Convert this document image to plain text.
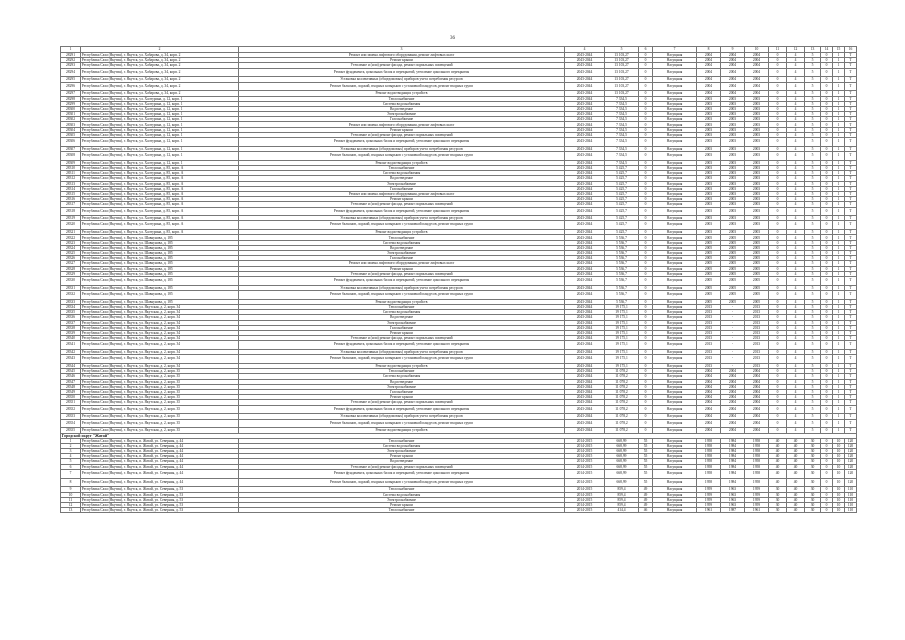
36
1	2	3	4	5	6	7	8	9	10	11	12	13	14	15	16
28291	Республика Саха (Якутия), г. Якутск, ул. Хабарова, д. 34, корп. 2	Ремонт или замена лифтового оборудования, ремонт лифтовых шахт	2043-2044	13 103,27	0	Насущная	2004	2004	2004	0	4	5	0	1	Т
28292	Республика Саха (Якутия), г. Якутск, ул. Хабарова, д. 34, корп. 2	Ремонт крыши	2043-2044	13 103,27	0	Насущная	2004	2004	2004	0	4	5	0	1	Т
28293	Республика Саха (Якутия), г. Якутск, ул. Хабарова, д. 34, корп. 2	Утепление и (или) ремонт фасада, ремонт подвальных помещений	2043-2044	13 103,27	0	Насущная	2004	2004	2004	0	4	5	0	1	Т
28294	Республика Саха (Якутия), г. Якутск, ул. Хабарова, д. 34, корп. 2	Ремонт фундамента, цокольных балок и перекрытий, утепление цокольного перекрытия	2043-2044	13 103,27	0	Насущная	2004	2004	2004	0	4	5	0	1	Т
28295	Республика Саха (Якутия), г. Якутск, ул. Хабарова, д. 34, корп. 2	Установка коллективных (общедомовых) приборов учета потребления ресурсов	2043-2044	13 103,27	0	Насущная	2004	2004	2004	0	4	5	0	1	Т
28296	Республика Саха (Якутия), г. Якутск, ул. Хабарова, д. 34, корп. 2	Ремонт балконов, лоджий, входных козырьков с установкой пандусов, ремонт входных групп	2043-2044	13 103,27	0	Насущная	2004	2004	2004	0	4	5	0	1	Т
28297	Республика Саха (Якутия), г. Якутск, ул. Хабарова, д. 34, корп. 2	Ремонт водоотводящих устройств	2043-2044	13 103,27	0	Насущная	2004	2004	2004	0	4	5	0	1	Т
28298	Республика Саха (Якутия), г. Якутск, ул. Халтурина, д. 12, корп. 1	Теплоснабжение	2043-2044	7 334,5	0	Насущная	2003	2003	2003	0	4	5	0	1	Т
28299	Республика Саха (Якутия), г. Якутск, ул. Халтурина, д. 12, корп. 1	Система водоснабжения	2043-2044	7 334,5	0	Насущная	2003	2003	2003	0	4	5	0	1	Т
28300	Республика Саха (Якутия), г. Якутск, ул. Халтурина, д. 12, корп. 1	Водоотведение	2043-2044	7 334,5	0	Насущная	2003	2003	2003	0	4	5	0	1	Т
28301	Республика Саха (Якутия), г. Якутск, ул. Халтурина, д. 12, корп. 1	Электроснабжение	2043-2044	7 334,5	0	Насущная	2003	2003	2003	0	4	5	0	1	Т
28302	Республика Саха (Якутия), г. Якутск, ул. Халтурина, д. 12, корп. 1	Газоснабжение	2043-2044	7 334,5	0	Насущная	2003	2003	2003	0	4	5	0	1	Т
28303	Республика Саха (Якутия), г. Якутск, ул. Халтурина, д. 12, корп. 1	Ремонт или замена лифтового оборудования, ремонт лифтовых шахт	2043-2044	7 334,5	0	Насущная	2003	2003	2003	0	4	5	0	1	Т
28304	Республика Саха (Якутия), г. Якутск, ул. Халтурина, д. 12, корп. 1	Ремонт крыши	2043-2044	7 334,5	0	Насущная	2003	2003	2003	0	4	5	0	1	Т
28305	Республика Саха (Якутия), г. Якутск, ул. Халтурина, д. 12, корп. 1	Утепление и (или) ремонт фасада, ремонт подвальных помещений	2043-2044	7 334,5	0	Насущная	2003	2003	2003	0	4	5	0	1	Т
28306	Республика Саха (Якутия), г. Якутск, ул. Халтурина, д. 12, корп. 1	Ремонт фундамента, цокольных балок и перекрытий, утепление цокольного перекрытия	2043-2044	7 334,5	0	Насущная	2003	2003	2003	0	4	5	0	1	Т
28307	Республика Саха (Якутия), г. Якутск, ул. Халтурина, д. 12, корп. 1	Установка коллективных (общедомовых) приборов учета потребления ресурсов	2043-2044	7 334,5	0	Насущная	2003	2003	2003	0	4	5	0	1	Т
28308	Республика Саха (Якутия), г. Якутск, ул. Халтурина, д. 12, корп. 1	Ремонт балконов, лоджий, входных козырьков с установкой пандусов, ремонт входных групп	2043-2044	7 334,5	0	Насущная	2003	2003	2003	0	4	5	0	1	Т
28309	Республика Саха (Якутия), г. Якутск, ул. Халтурина, д. 12, корп. 1	Ремонт водоотводящих устройств	2043-2044	7 334,5	0	Насущная	2003	2003	2003	0	4	5	0	1	Т
28310	Республика Саха (Якутия), г. Якутск, ул. Халтурина, д. 85, корп. А	Теплоснабжение	2043-2044	5 425,7	0	Насущная	2003	2003	2003	0	4	5	0	1	Т
28311	Республика Саха (Якутия), г. Якутск, ул. Халтурина, д. 85, корп. А	Система водоснабжения	2043-2044	5 425,7	0	Насущная	2003	2003	2003	0	4	5	0	1	Т
28312	Республика Саха (Якутия), г. Якутск, ул. Халтурина, д. 85, корп. А	Водоотведение	2043-2044	5 425,7	0	Насущная	2003	2003	2003	0	4	5	0	1	Т
28313	Республика Саха (Якутия), г. Якутск, ул. Халтурина, д. 85, корп. А	Электроснабжение	2043-2044	5 425,7	0	Насущная	2003	2003	2003	0	4	5	0	1	Т
28314	Республика Саха (Якутия), г. Якутск, ул. Халтурина, д. 85, корп. А	Газоснабжение	2043-2044	5 425,7	0	Насущная	2003	2003	2003	0	4	5	0	1	Т
28315	Республика Саха (Якутия), г. Якутск, ул. Халтурина, д. 85, корп. А	Ремонт или замена лифтового оборудования, ремонт лифтовых шахт	2043-2044	5 425,7	0	Насущная	2003	2003	2003	0	4	5	0	1	Т
28316	Республика Саха (Якутия), г. Якутск, ул. Халтурина, д. 85, корп. А	Ремонт крыши	2043-2044	5 425,7	0	Насущная	2003	2003	2003	0	4	5	0	1	Т
28317	Республика Саха (Якутия), г. Якутск, ул. Халтурина, д. 85, корп. А	Утепление и (или) ремонт фасада, ремонт подвальных помещений	2043-2044	5 425,7	0	Насущная	2003	2003	2003	0	4	5	0	1	Т
28318	Республика Саха (Якутия), г. Якутск, ул. Халтурина, д. 85, корп. А	Ремонт фундамента, цокольных балок и перекрытий, утепление цокольного перекрытия	2043-2044	5 425,7	0	Насущная	2003	2003	2003	0	4	5	0	1	Т
28319	Республика Саха (Якутия), г. Якутск, ул. Халтурина, д. 85, корп. А	Установка коллективных (общедомовых) приборов учета потребления ресурсов	2043-2044	5 425,7	0	Насущная	2003	2003	2003	0	4	5	0	1	Т
28320	Республика Саха (Якутия), г. Якутск, ул. Халтурина, д. 85, корп. А	Ремонт балконов, лоджий, входных козырьков с установкой пандусов, ремонт входных групп	2043-2044	5 425,7	0	Насущная	2003	2003	2003	0	4	5	0	1	Т
28321	Республика Саха (Якутия), г. Якутск, ул. Халтурина, д. 85, корп. А	Ремонт водоотводящих устройств	2043-2044	5 425,7	0	Насущная	2003	2003	2003	0	4	5	0	1	Т
28322	Республика Саха (Якутия), г. Якутск, ул. Шавкунова, д. 185	Теплоснабжение	2043-2044	5 536,7	0	Насущная	2005	2005	2005	0	4	5	0	1	Т
28323	Республика Саха (Якутия), г. Якутск, ул. Шавкунова, д. 185	Система водоснабжения	2043-2044	5 536,7	0	Насущная	2005	2005	2005	0	4	5	0	1	Т
28324	Республика Саха (Якутия), г. Якутск, ул. Шавкунова, д. 185	Водоотведение	2043-2044	5 536,7	0	Насущная	2005	2005	2005	0	4	5	0	1	Т
28325	Республика Саха (Якутия), г. Якутск, ул. Шавкунова, д. 185	Электроснабжение	2043-2044	5 536,7	0	Насущная	2005	2005	2005	0	4	5	0	1	Т
28326	Республика Саха (Якутия), г. Якутск, ул. Шавкунова, д. 185	Газоснабжение	2043-2044	5 536,7	0	Насущная	2005	2005	2005	0	4	5	0	1	Т
28327	Республика Саха (Якутия), г. Якутск, ул. Шавкунова, д. 185	Ремонт или замена лифтового оборудования, ремонт лифтовых шахт	2043-2044	5 536,7	0	Насущная	2005	2005	2005	0	4	5	0	1	Т
28328	Республика Саха (Якутия), г. Якутск, ул. Шавкунова, д. 185	Ремонт крыши	2043-2044	5 536,7	0	Насущная	2005	2005	2005	0	4	5	0	1	Т
28329	Республика Саха (Якутия), г. Якутск, ул. Шавкунова, д. 185	Утепление и (или) ремонт фасада, ремонт подвальных помещений	2043-2044	5 536,7	0	Насущная	2005	2005	2005	0	4	5	0	1	Т
28330	Республика Саха (Якутия), г. Якутск, ул. Шавкунова, д. 185	Ремонт фундамента, цокольных балок и перекрытий, утепление цокольного перекрытия	2043-2044	5 536,7	0	Насущная	2005	2005	2005	0	4	5	0	1	Т
28331	Республика Саха (Якутия), г. Якутск, ул. Шавкунова, д. 185	Установка коллективных (общедомовых) приборов учета потребления ресурсов	2043-2044	5 536,7	0	Насущная	2005	2005	2005	0	4	5	0	1	Т
28332	Республика Саха (Якутия), г. Якутск, ул. Шавкунова, д. 185	Ремонт балконов, лоджий, входных козырьков с установкой пандусов, ремонт входных групп	2043-2044	5 536,7	0	Насущная	2005	2005	2005	0	4	5	0	1	Т
28333	Республика Саха (Якутия), г. Якутск, ул. Шавкунова, д. 185	Ремонт водоотводящих устройств	2043-2044	5 536,7	0	Насущная	2005	2005	2005	0	4	5	0	1	Т
28334	Республика Саха (Якутия), г. Якутск, ул. Якутская, д. 2, корп. 34	Теплоснабжение	2043-2044	19 175,1	0	Насущная	2013	-	2013	0	4	5	0	1	Т
28335	Республика Саха (Якутия), г. Якутск, ул. Якутская, д. 2, корп. 34	Система водоснабжения	2043-2044	19 175,1	0	Насущная	2013	-	2013	0	4	5	0	1	Т
28336	Республика Саха (Якутия), г. Якутск, ул. Якутская, д. 2, корп. 34	Водоотведение	2043-2044	19 175,1	0	Насущная	2013	-	2013	0	4	5	0	1	Т
28337	Республика Саха (Якутия), г. Якутск, ул. Якутская, д. 2, корп. 34	Электроснабжение	2043-2044	19 175,1	0	Насущная	2013	-	2013	0	4	5	0	1	Т
28338	Республика Саха (Якутия), г. Якутск, ул. Якутская, д. 2, корп. 34	Газоснабжение	2043-2044	19 175,1	0	Насущная	2013	-	2013	0	4	5	0	1	Т
28339	Республика Саха (Якутия), г. Якутск, ул. Якутская, д. 2, корп. 34	Ремонт крыши	2043-2044	19 175,1	0	Насущная	2013	-	2013	0	4	5	0	1	Т
28340	Республика Саха (Якутия), г. Якутск, ул. Якутская, д. 2, корп. 34	Утепление и (или) ремонт фасада, ремонт подвальных помещений	2043-2044	19 175,1	0	Насущная	2013	-	2013	0	4	5	0	1	Т
28341	Республика Саха (Якутия), г. Якутск, ул. Якутская, д. 2, корп. 34	Ремонт фундамента, цокольных балок и перекрытий, утепление цокольного перекрытия	2043-2044	19 175,1	0	Насущная	2013	-	2013	0	4	5	0	1	Т
28342	Республика Саха (Якутия), г. Якутск, ул. Якутская, д. 2, корп. 34	Установка коллективных (общедомовых) приборов учета потребления ресурсов	2043-2044	19 175,1	0	Насущная	2013	-	2013	0	4	5	0	1	Т
28343	Республика Саха (Якутия), г. Якутск, ул. Якутская, д. 2, корп. 34	Ремонт балконов, лоджий, входных козырьков с установкой пандусов, ремонт входных групп	2043-2044	19 175,1	0	Насущная	2013	-	2013	0	4	5	0	1	Т
28344	Республика Саха (Якутия), г. Якутск, ул. Якутская, д. 2, корп. 34	Ремонт водоотводящих устройств	2043-2044	19 175,1	0	Насущная	2013	-	2013	0	4	5	0	1	Т
28345	Республика Саха (Якутия), г. Якутск, ул. Якутская, д. 2, корп. 35	Теплоснабжение	2043-2044	11 078,2	0	Насущная	2004	2004	2004	0	4	5	0	1	Т
28346	Республика Саха (Якутия), г. Якутск, ул. Якутская, д. 2, корп. 35	Система водоснабжения	2043-2044	11 078,2	0	Насущная	2004	2004	2004	0	4	5	0	1	Т
28347	Республика Саха (Якутия), г. Якутск, ул. Якутская, д. 2, корп. 35	Водоотведение	2043-2044	11 078,2	0	Насущная	2004	2004	2004	0	4	5	0	1	Т
28348	Республика Саха (Якутия), г. Якутск, ул. Якутская, д. 2, корп. 35	Электроснабжение	2043-2044	11 078,2	0	Насущная	2004	2004	2004	0	4	5	0	1	Т
28349	Республика Саха (Якутия), г. Якутск, ул. Якутская, д. 2, корп. 35	Газоснабжение	2043-2044	11 078,2	0	Насущная	2004	2004	2004	0	4	5	0	1	Т
28350	Республика Саха (Якутия), г. Якутск, ул. Якутская, д. 2, корп. 35	Ремонт крыши	2043-2044	11 078,2	0	Насущная	2004	2004	2004	0	4	5	0	1	Т
28351	Республика Саха (Якутия), г. Якутск, ул. Якутская, д. 2, корп. 35	Утепление и (или) ремонт фасада, ремонт подвальных помещений	2043-2044	11 078,2	0	Насущная	2004	2004	2004	0	4	5	0	1	Т
28352	Республика Саха (Якутия), г. Якутск, ул. Якутская, д. 2, корп. 35	Ремонт фундамента, цокольных балок и перекрытий, утепление цокольного перекрытия	2043-2044	11 078,2	0	Насущная	2004	2004	2004	0	4	5	0	1	Т
28353	Республика Саха (Якутия), г. Якутск, ул. Якутская, д. 2, корп. 35	Установка коллективных (общедомовых) приборов учета потребления ресурсов	2043-2044	11 078,2	0	Насущная	2004	2004	2004	0	4	5	0	1	Т
28354	Республика Саха (Якутия), г. Якутск, ул. Якутская, д. 2, корп. 35	Ремонт балконов, лоджий, входных козырьков с установкой пандусов, ремонт входных групп	2043-2044	11 078,2	0	Насущная	2004	2004	2004	0	4	5	0	1	Т
28355	Республика Саха (Якутия), г. Якутск, ул. Якутская, д. 2, корп. 35	Ремонт водоотводящих устройств	2043-2044	11 078,2	0	Насущная	2004	2004	2004	0	4	5	0	1	Т
Городской округ "Жатай"															
1	Республика Саха (Якутия), г. Якутск, п. Жатай, ул. Северная, д. 44	Теплоснабжение	2014-2015	668,99	55	Насущная	1958	1984	1958	40	40	30	0	10	120
2	Республика Саха (Якутия), г. Якутск, п. Жатай, ул. Северная, д. 44	Система водоснабжения	2014-2015	668,99	55	Насущная	1958	1984	1958	40	40	30	0	10	120
3	Республика Саха (Якутия), г. Якутск, п. Жатай, ул. Северная, д. 44	Электроснабжение	2014-2015	668,99	55	Насущная	1958	1984	1958	40	40	30	0	10	120
4	Республика Саха (Якутия), г. Якутск, п. Жатай, ул. Северная, д. 44	Ремонт крыши	2014-2015	668,99	55	Насущная	1958	1984	1958	40	40	30	0	10	120
5	Республика Саха (Якутия), г. Якутск, п. Жатай, ул. Северная, д. 44	Водоотведение	2014-2015	668,99	55	Насущная	1958	1984	1958	40	40	30	0	10	120
6	Республика Саха (Якутия), г. Якутск, п. Жатай, ул. Северная, д. 44	Утепление и (или) ремонт фасада, ремонт подвальных помещений	2014-2015	668,99	55	Насущная	1958	1984	1958	40	40	30	0	10	120
7	Республика Саха (Якутия), г. Якутск, п. Жатай, ул. Северная, д. 44	Ремонт фундамента, цокольных балок и перекрытий, утепление цокольного перекрытия	2014-2015	668,99	55	Насущная	1958	1984	1958	40	40	30	0	10	120
8	Республика Саха (Якутия), г. Якутск, п. Жатай, ул. Северная, д. 44	Ремонт балконов, лоджий, входных козырьков с установкой пандусов, ремонт входных групп	2014-2015	668,99	55	Насущная	1958	1984	1958	40	40	30	0	10	120
9	Республика Саха (Якутия), г. Якутск, п. Жатай, ул. Северная, д. 53	Теплоснабжение	2014-2015	859,4	49	Насущная	1959	1963	1959	30	40	30	0	10	110
10	Республика Саха (Якутия), г. Якутск, п. Жатай, ул. Северная, д. 53	Система водоснабжения	2014-2015	859,4	49	Насущная	1959	1963	1959	30	40	30	0	10	110
11	Республика Саха (Якутия), г. Якутск, п. Жатай, ул. Северная, д. 53	Электроснабжение	2014-2015	859,4	49	Насущная	1959	1963	1959	30	40	30	0	10	110
12	Республика Саха (Якутия), г. Якутск, п. Жатай, ул. Северная, д. 53	Ремонт крыши	2014-2015	859,4	49	Насущная	1959	1963	1959	30	40	30	0	10	110
13	Республика Саха (Якутия), г. Якутск, п. Жатай, ул. Северная, д. 53	Теплоснабжение	2014-2015	414,4	46	Насущная	1961	1987	1961	30	40	30	0	10	110
